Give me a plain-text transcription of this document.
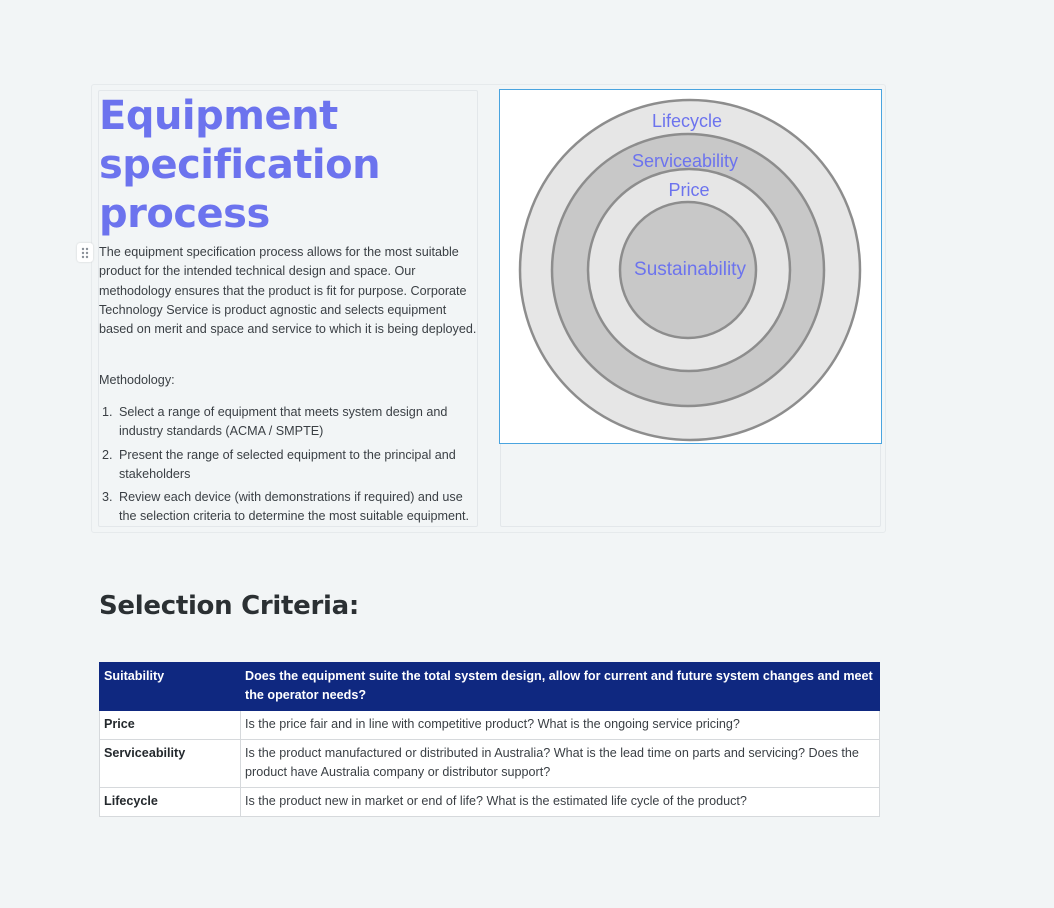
Equipment specification process

The equipment specification process allows for the most suitable product for the intended technical design and space. Our methodology ensures that the product is fit for purpose. Corporate Technology Service is product agnostic and selects equipment based on merit and space and service to which it is being deployed.

Methodology:

1. Select a range of equipment that meets system design and industry standards (ACMA / SMPTE)
2. Present the range of selected equipment to the principal and stakeholders
3. Review each device (with demonstrations if required) and use the selection criteria to determine the most suitable equipment.
Lifecycle
Serviceability
Price
Sustainability
Selection Criteria:
Suitability	Does the equipment suite the total system design, allow for current and future system changes and meet the operator needs?
Price	Is the price fair and in line with competitive product? What is the ongoing service pricing?
Serviceability	Is the product manufactured or distributed in Australia? What is the lead time on parts and servicing? Does the product have Australia company or distributor support?
Lifecycle	Is the product new in market or end of life? What is the estimated life cycle of the product?
